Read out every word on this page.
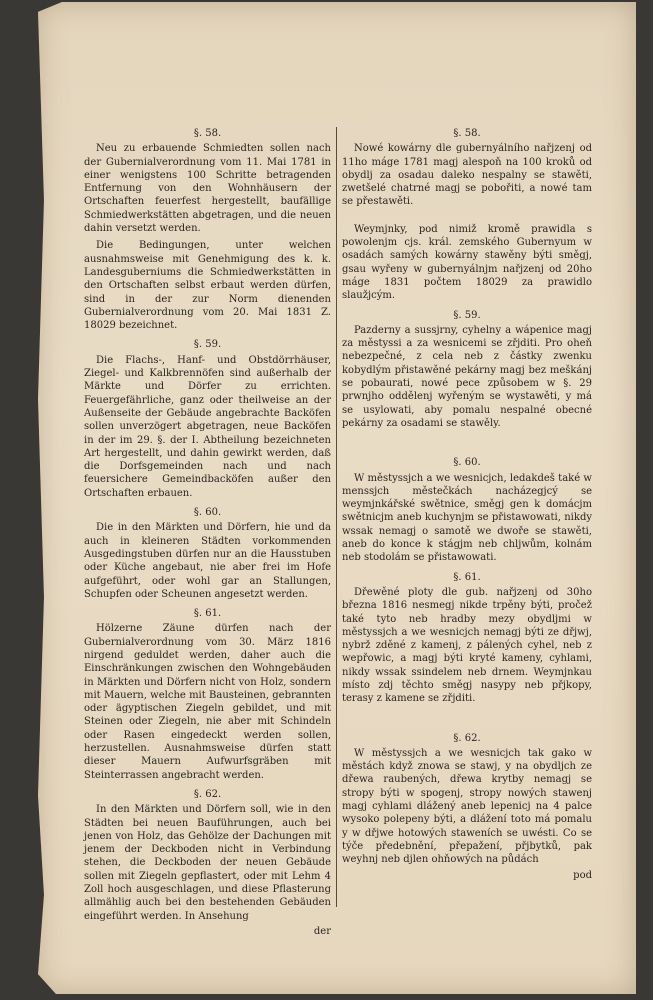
§. 58.

Neu zu erbauende Schmiedten sollen nach der Gubernialverordnung vom 11. Mai 1781 in einer wenigstens 100 Schritte betragenden Entfernung von den Wohnhäusern der Ortschaften feuerfest hergestellt, baufällige Schmiedwerkstätten abgetragen, und die neuen dahin versetzt werden.

Die Bedingungen, unter welchen ausnahmsweise mit Genehmigung des k. k. Landesguberniums die Schmiedwerkstätten in den Ortschaften selbst erbaut werden dürfen, sind in der zur Norm dienenden Gubernialverordnung vom 20. Mai 1831 Z. 18029 bezeichnet.

§. 59.

Die Flachs-, Hanf- und Obstdörrhäuser, Ziegel- und Kalkbrennöfen sind außerhalb der Märkte und Dörfer zu errichten. Feuergefährliche, ganz oder theilweise an der Außenseite der Gebäude angebrachte Backöfen sollen unverzögert abgetragen, neue Backöfen in der im 29. §. der I. Abtheilung bezeichneten Art hergestellt, und dahin gewirkt werden, daß die Dorfsgemeinden nach und nach feuersichere Gemeindbacköfen außer den Ortschaften erbauen.

§. 60.

Die in den Märkten und Dörfern, hie und da auch in kleineren Städten vorkommenden Ausgedingstuben dürfen nur an die Hausstuben oder Küche angebaut, nie aber frei im Hofe aufgeführt, oder wohl gar an Stallungen, Schupfen oder Scheunen angesetzt werden.

§. 61.

Hölzerne Zäune dürfen nach der Gubernialverordnung vom 30. März 1816 nirgend geduldet werden, daher auch die Einschränkungen zwischen den Wohngebäuden in Märkten und Dörfern nicht von Holz, sondern mit Mauern, welche mit Bausteinen, gebrannten oder ägyptischen Ziegeln gebildet, und mit Steinen oder Ziegeln, nie aber mit Schindeln oder Rasen eingedeckt werden sollen, herzustellen. Ausnahmsweise dürfen statt dieser Mauern Aufwurfsgräben mit Steinterrassen angebracht werden.

§. 62.

In den Märkten und Dörfern soll, wie in den Städten bei neuen Bauführungen, auch bei jenen von Holz, das Gehölze der Dachungen mit jenem der Deckboden nicht in Verbindung stehen, die Deckboden der neuen Gebäude sollen mit Ziegeln gepflastert, oder mit Lehm 4 Zoll hoch ausgeschlagen, und diese Pflasterung allmählig auch bei den bestehenden Gebäuden eingeführt werden. In Ansehung

der
§. 58.

Nowé kowárny dle gubernyálního nařjzenj od 11ho máge 1781 magj alespoň na 100 kroků od obydlj za osadau daleko nespalny se stawěti, zwetšelé chatrné magj se pobořiti, a nowé tam se přestawěti.

Weymjnky, pod nimiž kromě prawidla s powolenjm cjs. král. zemského Gubernyum w osadách samých kowárny stawěny býti směgj, gsau wyřeny w gubernyálnjm nařjzenj od 20ho máge 1831 počtem 18029 za prawidlo slaužjcým.

§. 59.

Pazderny a sussjrny, cyhelny a wápenice magj za městyssi a za wesnicemi se zřjditi. Pro oheň nebezpečné, z cela neb z částky zwenku kobydlým přistawěné pekárny magj bez meškánj se pobaurati, nowé pece způsobem w §. 29 prwnjho oddělenj wyřeným se wystawěti, y má se usylowati, aby pomalu nespalné obecné pekárny za osadami se stawěly.

§. 60.

W městyssjch a we wesnicjch, ledakdeš také w menssjch městečkách nacházegjcý se weymjnkářské swětnice, směgj gen k domácjm swětnicjm aneb kuchynjm se přistawowati, nikdy wssak nemagj o samotě we dwoře se stawěti, aneb do konce k stágjm neb chljwům, kolnám neb stodolám se přistawowati.

§. 61.

Dřewěné ploty dle gub. nařjzenj od 30ho března 1816 nesmegj nikde trpěny býti, pročež také tyto neb hradby mezy obydljmi w městyssjch a we wesnicjch nemagj býti ze dřjwj, nybrž zděné z kamenj, z pálených cyhel, neb z wepřowic, a magj býti kryté kameny, cyhlami, nikdy wssak ssindelem neb drnem. Weymjnkau místo zdj těchto směgj nasypy neb přjkopy, terasy z kamene se zřjditi.

§. 62.

W městyssjch a we wesnicjch tak gako w městách když znowa se stawj, y na obydljch ze dřewa raubených, dřewa krytby nemagj se stropy býti w spogenj, stropy nowých stawenj magj cyhlami dlážený aneb lepenicj na 4 palce wysoko polepeny býti, a dlážení toto má pomalu y w dřjwe hotowých staweních se uwésti. Co se týče předebnění, přepažení, přjbytků, pak weyhnj neb djlen ohňowých na půdách

pod
